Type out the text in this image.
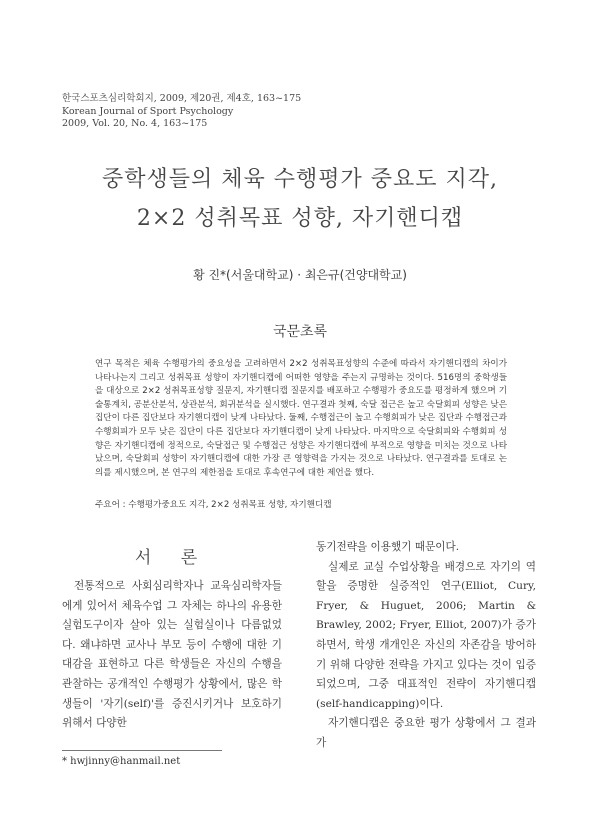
한국스포츠심리학회지, 2009, 제20권, 제4호, 163~175
Korean Journal of Sport Psychology
2009, Vol. 20, No. 4, 163~175
중학생들의 체육 수행평가 중요도 지각,
2×2 성취목표 성향, 자기핸디캡
황 진*(서울대학교) · 최은규(건양대학교)
국문초록
연구 목적은 체육 수행평가의 중요성을 고려하면서 2×2 성취목표성향의 수준에 따라서 자기핸디캡의 차이가 나타나는지 그리고 성취목표 성향이 자기핸디캡에 어떠한 영향을 주는지 규명하는 것이다. 516명의 중학생들을 대상으로 2×2 성취목표성향 질문지, 자기핸디캡 질문지를 배포하고 수행평가 중요도를 평정하게 했으며 기술통계치, 공분산분석, 상관분석, 회귀분석을 실시했다. 연구결과 첫째, 숙달 접근은 높고 숙달회피 성향은 낮은 집단이 다른 집단보다 자기핸디캡이 낮게 나타났다. 둘째, 수행접근이 높고 수행회피가 낮은 집단과 수행접근과 수행회피가 모두 낮은 집단이 다른 집단보다 자기핸디캡이 낮게 나타났다. 마지막으로 숙달회피와 수행회피 성향은 자기핸디캡에 정적으로, 숙달접근 및 수행접근 성향은 자기핸디캡에 부적으로 영향을 미치는 것으로 나타났으며, 숙달회피 성향이 자기핸디캡에 대한 가장 큰 영향력을 가지는 것으로 나타났다. 연구결과를 토대로 논의를 제시했으며, 본 연구의 제한점을 토대로 후속연구에 대한 제언을 했다.
주요어 : 수행평가중요도 지각, 2×2 성취목표 성향, 자기핸디캡
서 론

전통적으로 사회심리학자나 교육심리학자들에게 있어서 체육수업 그 자체는 하나의 유용한 실험도구이자 살아 있는 실험실이나 다름없었다. 왜냐하면 교사나 부모 등이 수행에 대한 기대감을 표현하고 다른 학생들은 자신의 수행을 관찰하는 공개적인 수행평가 상황에서, 많은 학생들이 '자기(self)'를 증진시키거나 보호하기 위해서 다양한

동기전략을 이용했기 때문이다.

실제로 교실 수업상황을 배경으로 자기의 역할을 증명한 실증적인 연구(Elliot, Cury, Fryer, & Huguet, 2006; Martin & Brawley, 2002; Fryer, Elliot, 2007)가 증가하면서, 학생 개개인은 자신의 자존감을 방어하기 위해 다양한 전략을 가지고 있다는 것이 입증되었으며, 그중 대표적인 전략이 자기핸디캡(self-handicapping)이다.

자기핸디캡은 중요한 평가 상황에서 그 결과가

* hwjinny@hanmail.net
